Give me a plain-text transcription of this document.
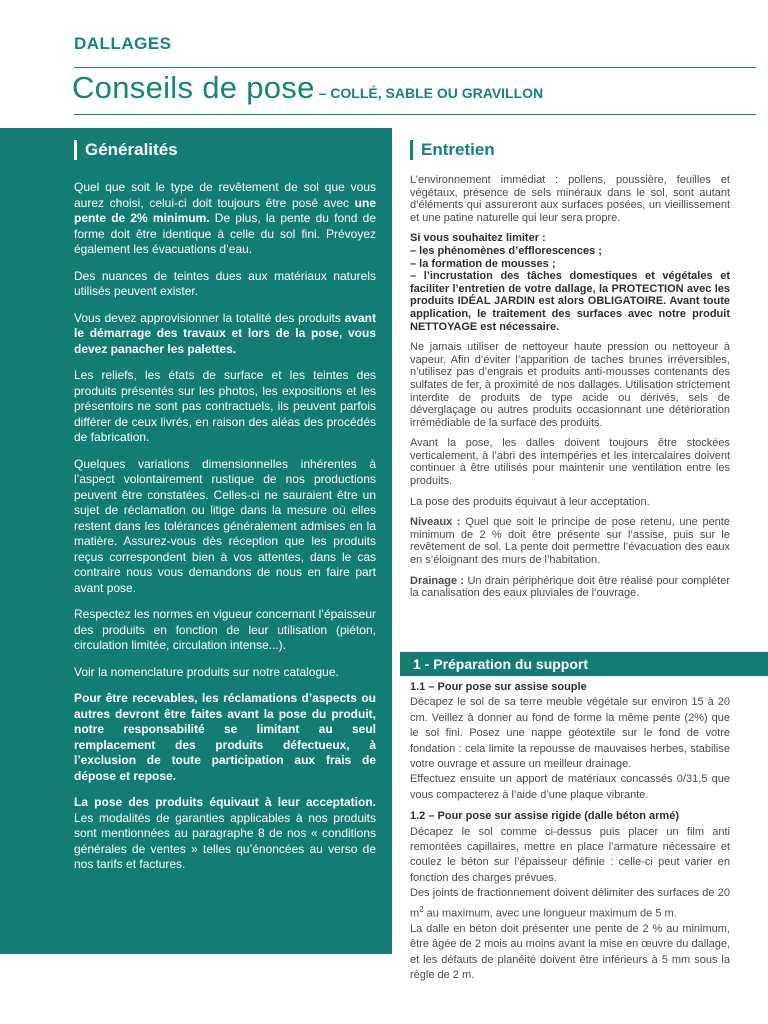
DALLAGES
Conseils de pose – COLLÉ, SABLE OU GRAVILLON
Généralités

Quel que soit le type de revêtement de sol que vous aurez choisi, celui-ci doit toujours être posé avec une pente de 2% minimum. De plus, la pente du fond de forme doit être identique à celle du sol fini. Prévoyez également les évacuations d’eau.

Des nuances de teintes dues aux matériaux naturels utilisés peuvent exister.

Vous devez approvisionner la totalité des produits avant le démarrage des travaux et lors de la pose, vous devez panacher les palettes.

Les reliefs, les états de surface et les teintes des produits présentés sur les photos, les expositions et les présentoirs ne sont pas contractuels, ils peuvent parfois différer de ceux livrés, en raison des aléas des procédés de fabrication.

Quelques variations dimensionnelles inhérentes à l’aspect volontairement rustique de nos productions peuvent être constatées. Celles-ci ne sauraient être un sujet de réclamation ou litige dans la mesure où elles restent dans les tolérances généralement admises en la matière. Assurez-vous dès réception que les produits reçus correspondent bien à vos attentes, dans le cas contraire nous vous demandons de nous en faire part avant pose.

Respectez les normes en vigueur concernant l’épaisseur des produits en fonction de leur utilisation (piéton, circulation limitée, circulation intense...).

Voir la nomenclature produits sur notre catalogue.

Pour être recevables, les réclamations d’aspects ou autres devront être faites avant la pose du produit, notre responsabilité se limitant au seul remplacement des produits défectueux, à l’exclusion de toute participation aux frais de dépose et repose.

La pose des produits équivaut à leur acceptation. Les modalités de garanties applicables à nos produits sont mentionnées au paragraphe 8 de nos « conditions générales de ventes » telles qu’énoncées au verso de nos tarifs et factures.

Entretien

L’environnement immédiat : pollens, poussière, feuilles et végétaux, présence de sels minéraux dans le sol, sont autant d’éléments qui assureront aux surfaces posées, un vieillissement et une patine naturelle qui leur sera propre.

Si vous souhaitez limiter :
– les phénomènes d’efflorescences ;
– la formation de mousses ;
– l’incrustation des tâches domestiques et végétales et faciliter l’entretien de votre dallage, la PROTECTION avec les produits IDÉAL JARDIN est alors OBLIGATOIRE. Avant toute application, le traitement des surfaces avec notre produit NETTOYAGE est nécessaire.

Ne jamais utiliser de nettoyeur haute pression ou nettoyeur à vapeur. Afin d’éviter l’apparition de taches brunes irréversibles, n’utilisez pas d’engrais et produits anti-mousses contenants des sulfates de fer, à proximité de nos dallages. Utilisation strictement interdite de produits de type acide ou dérivés, sels de déverglaçage ou autres produits occasionnant une détérioration irrémédiable de la surface des produits.

Avant la pose, les dalles doivent toujours être stockées verticalement, à l’abri des intempéries et les intercalaires doivent continuer à être utilisés pour maintenir une ventilation entre les produits.

La pose des produits équivaut à leur acceptation.

Niveaux : Quel que soit le principe de pose retenu, une pente minimum de 2 % doit être présente sur l’assise, puis sur le revêtement de sol. La pente doit permettre l’évacuation des eaux en s’éloignant des murs de l’habitation.

Drainage : Un drain périphérique doit être réalisé pour compléter la canalisation des eaux pluviales de l’ouvrage.

1 - Préparation du support

1.1 – Pour pose sur assise souple

Décapez le sol de sa terre meuble végétale sur environ 15 à 20 cm. Veillez à donner au fond de forme la même pente (2%) que le sol fini. Posez une nappe géotextile sur le fond de votre fondation : cela limite la repousse de mauvaises herbes, stabilise votre ouvrage et assure un meilleur drainage.

Effectuez ensuite un apport de matériaux concassés 0/31,5 que vous compacterez à l’aide d’une plaque vibrante.

1.2 – Pour pose sur assise rigide (dalle béton armé)

Décapez le sol comme ci-dessus puis placer un film anti remontées capillaires, mettre en place l’armature nécessaire et coulez le béton sur l’épaisseur définie : celle-ci peut varier en fonction des charges prévues.

Des joints de fractionnement doivent délimiter des surfaces de 20 $m^2$ au maximum, avec une longueur maximum de 5 m.

La dalle en béton doit présenter une pente de 2 % au minimum, être âgée de 2 mois au moins avant la mise en œuvre du dallage, et les défauts de planéité doivent être inférieurs à 5 mm sous la règle de 2 m.
